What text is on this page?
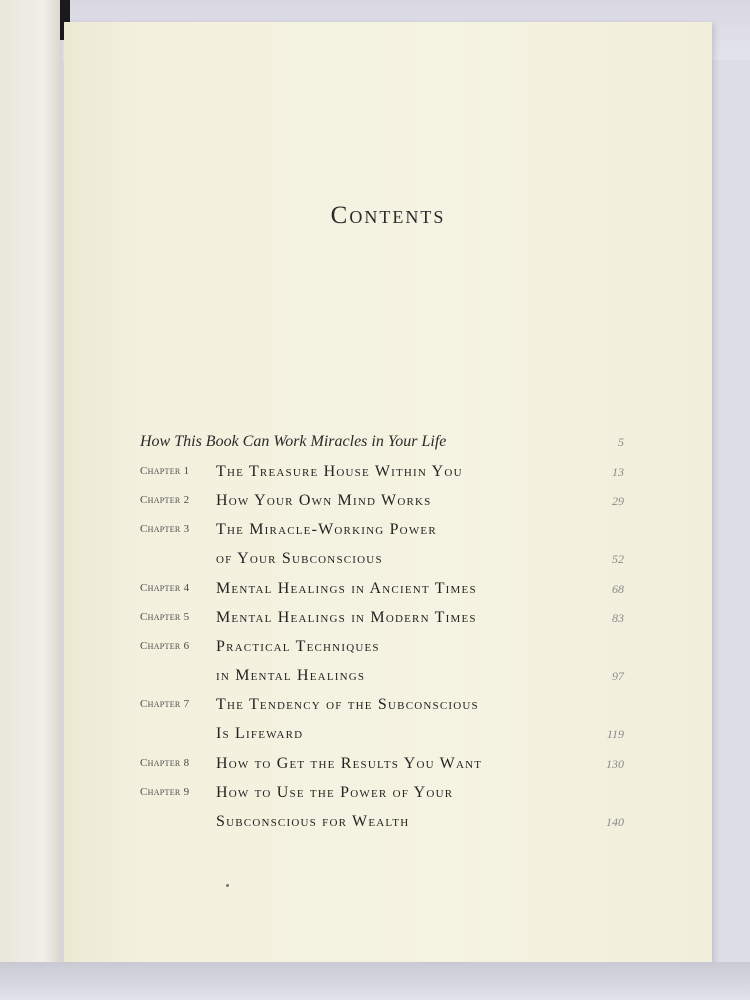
Contents
How This Book Can Work Miracles in Your Life	5
Chapter 1 The Treasure House Within You	13
Chapter 2 How Your Own Mind Works	29
Chapter 3 The Miracle-Working Power
of Your Subconscious	52
Chapter 4 Mental Healings in Ancient Times	68
Chapter 5 Mental Healings in Modern Times	83
Chapter 6 Practical Techniques
in Mental Healings	97
Chapter 7 The Tendency of the Subconscious
Is Lifeward	119
Chapter 8 How to Get the Results You Want	130
Chapter 9 How to Use the Power of Your
Subconscious for Wealth	140
